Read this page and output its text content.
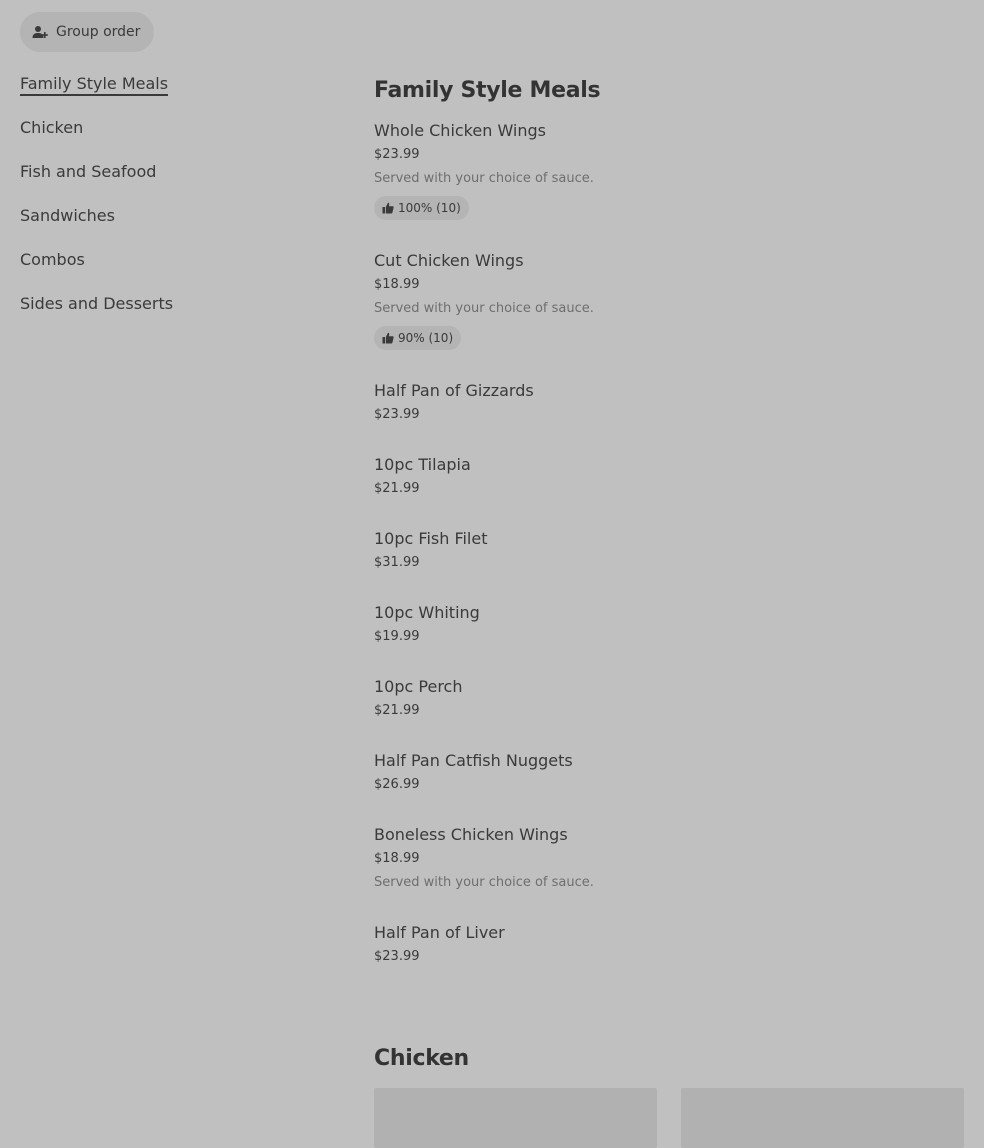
Group order
Family Style Meals
Chicken
Fish and Seafood
Sandwiches
Combos
Sides and Desserts
Family Style Meals
Whole Chicken Wings
$23.99
Served with your choice of sauce.
100% (10)
Cut Chicken Wings
$18.99
Served with your choice of sauce.
90% (10)
Half Pan of Gizzards
$23.99
10pc Tilapia
$21.99
10pc Fish Filet
$31.99
10pc Whiting
$19.99
10pc Perch
$21.99
Half Pan Catfish Nuggets
$26.99
Boneless Chicken Wings
$18.99
Served with your choice of sauce.
Half Pan of Liver
$23.99
Chicken
